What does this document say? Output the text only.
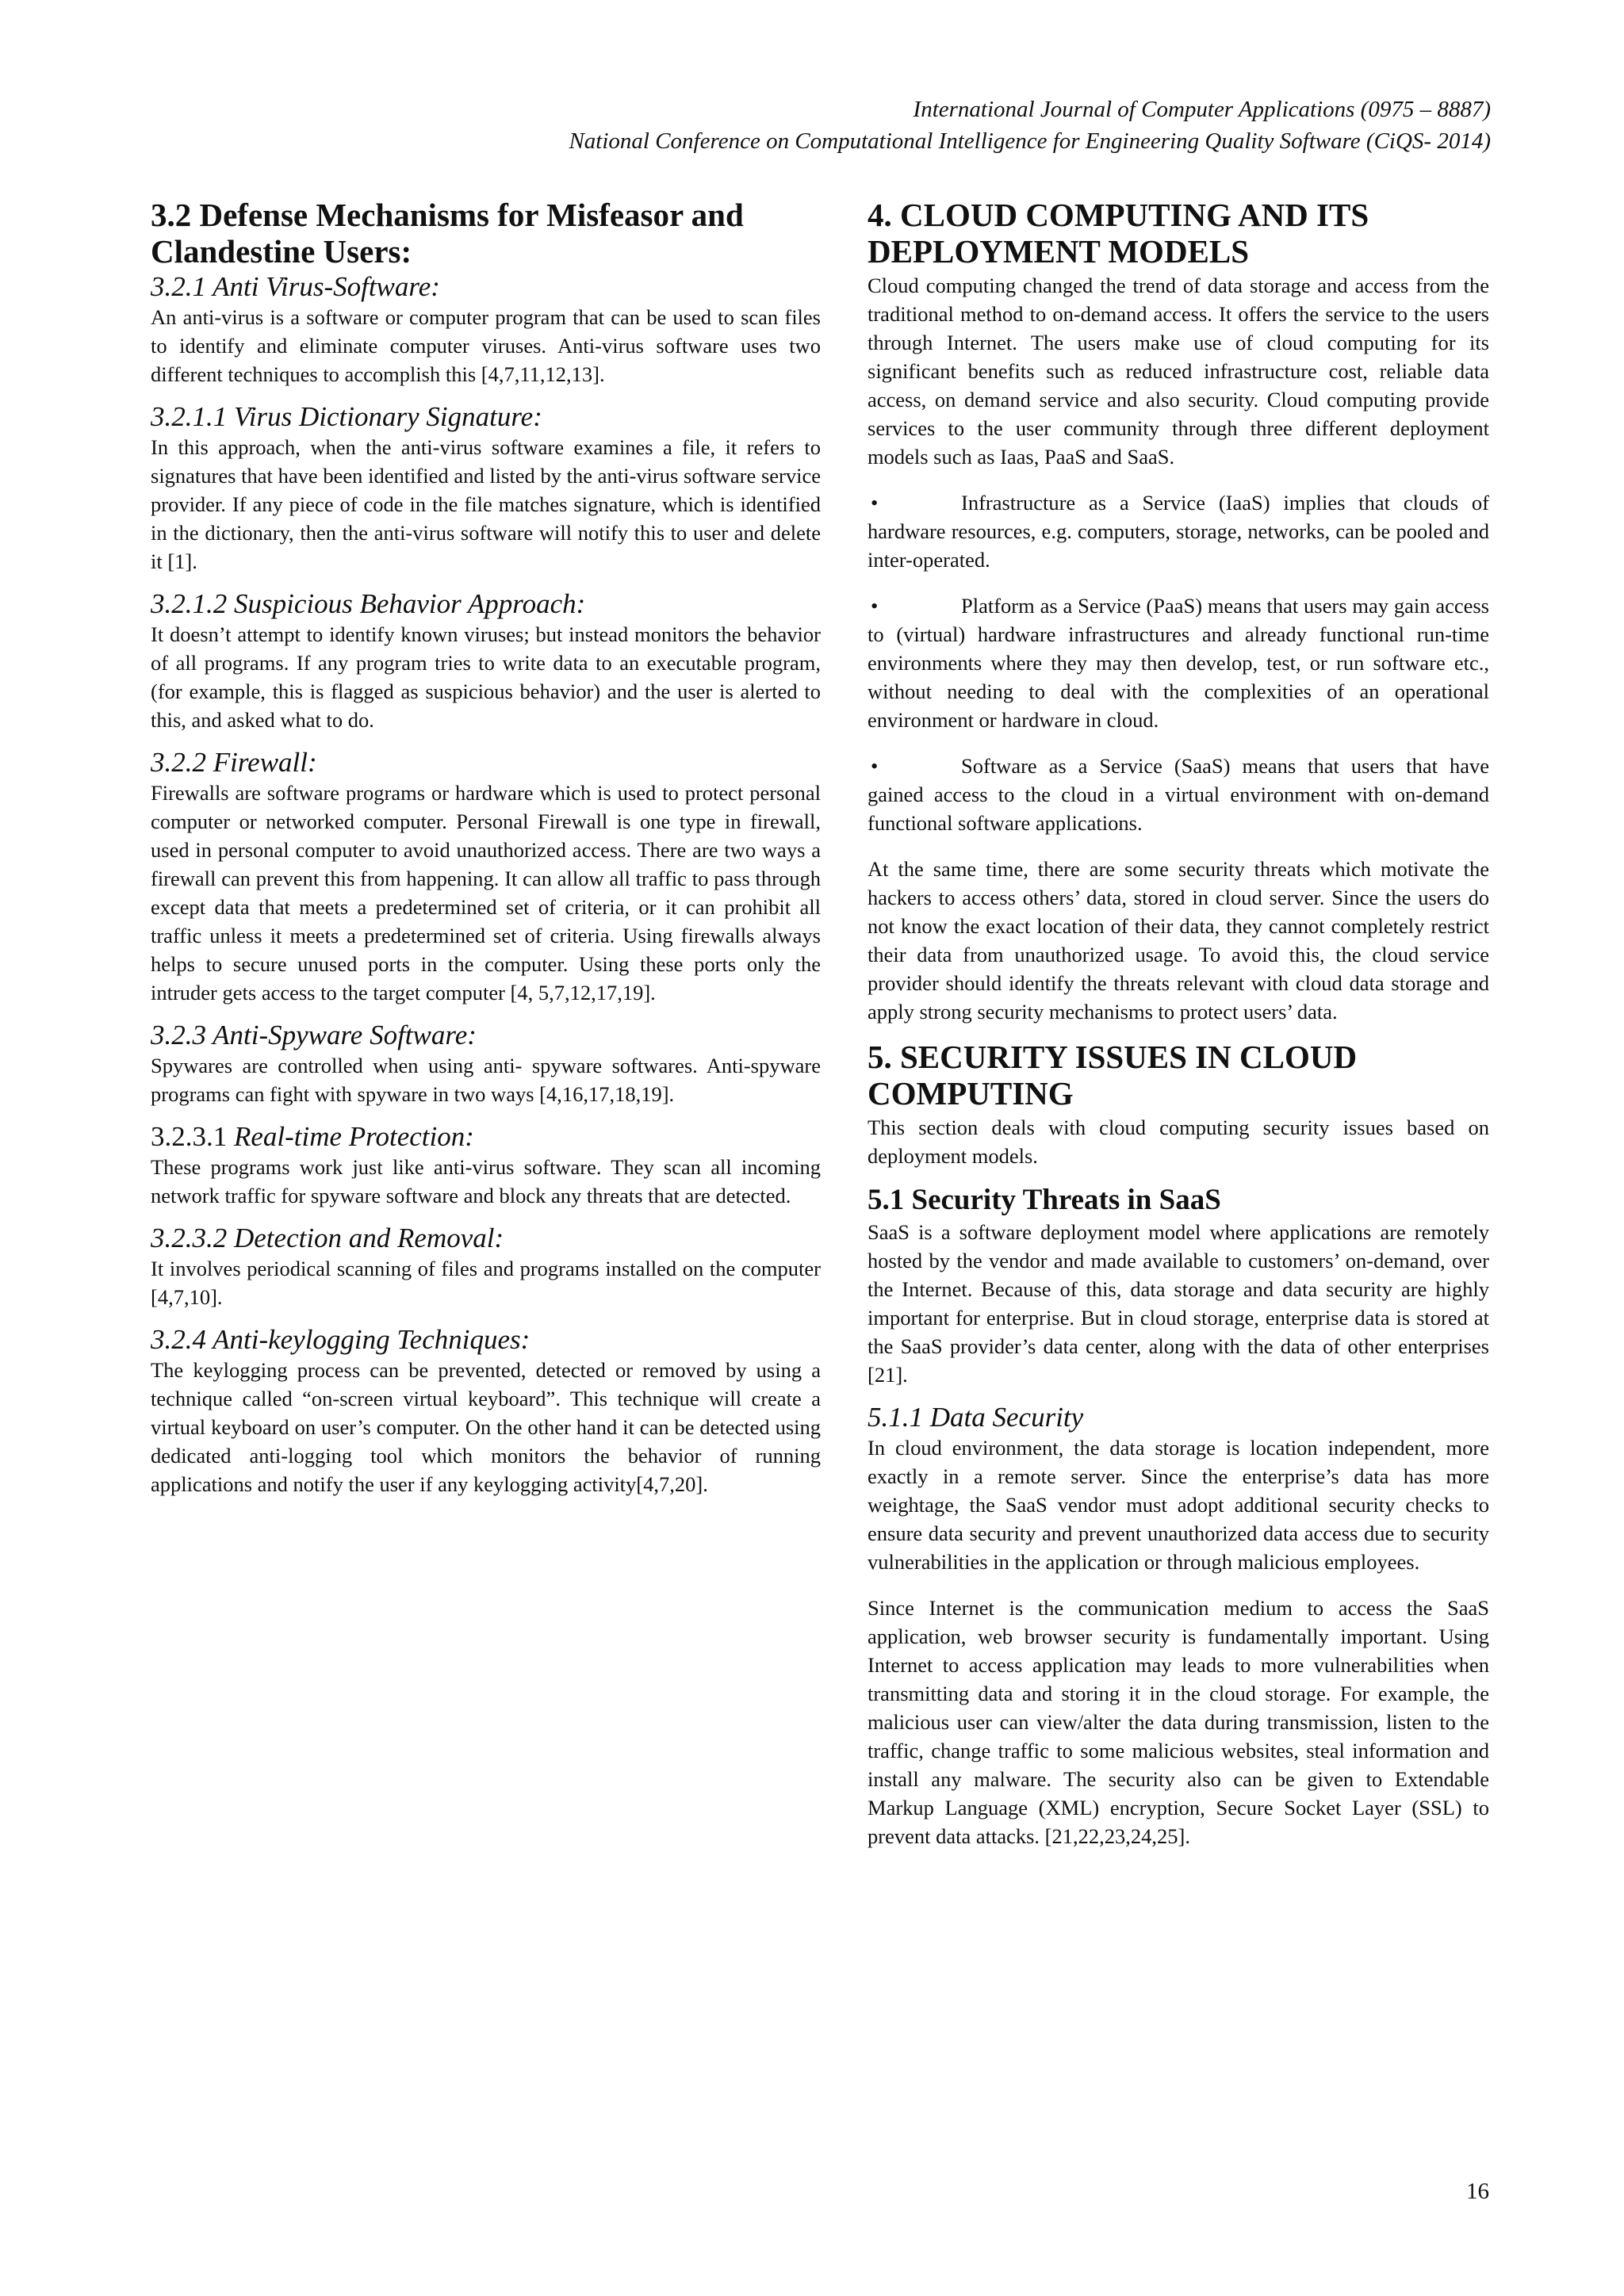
International Journal of Computer Applications (0975 – 8887)
National Conference on Computational Intelligence for Engineering Quality Software (CiQS- 2014)

3.2 Defense Mechanisms for Misfeasor and Clandestine Users:

3.2.1 Anti Virus-Software:

An anti-virus is a software or computer program that can be used to scan files to identify and eliminate computer viruses. Anti-virus software uses two different techniques to accomplish this [4,7,11,12,13].

3.2.1.1 Virus Dictionary Signature:

In this approach, when the anti-virus software examines a file, it refers to signatures that have been identified and listed by the anti-virus software service provider. If any piece of code in the file matches signature, which is identified in the dictionary, then the anti-virus software will notify this to user and delete it [1].

3.2.1.2 Suspicious Behavior Approach:

It doesn’t attempt to identify known viruses; but instead monitors the behavior of all programs. If any program tries to write data to an executable program, (for example, this is flagged as suspicious behavior) and the user is alerted to this, and asked what to do.

3.2.2 Firewall:

Firewalls are software programs or hardware which is used to protect personal computer or networked computer. Personal Firewall is one type in firewall, used in personal computer to avoid unauthorized access. There are two ways a firewall can prevent this from happening. It can allow all traffic to pass through except data that meets a predetermined set of criteria, or it can prohibit all traffic unless it meets a predetermined set of criteria. Using firewalls always helps to secure unused ports in the computer. Using these ports only the intruder gets access to the target computer [4, 5,7,12,17,19].

3.2.3 Anti-Spyware Software:

Spywares are controlled when using anti- spyware softwares. Anti-spyware programs can fight with spyware in two ways [4,16,17,18,19].

3.2.3.1 Real-time Protection:

These programs work just like anti-virus software. They scan all incoming network traffic for spyware software and block any threats that are detected.

3.2.3.2 Detection and Removal:

It involves periodical scanning of files and programs installed on the computer [4,7,10].

3.2.4 Anti-keylogging Techniques:

The keylogging process can be prevented, detected or removed by using a technique called “on-screen virtual keyboard”. This technique will create a virtual keyboard on user’s computer. On the other hand it can be detected using dedicated anti-logging tool which monitors the behavior of running applications and notify the user if any keylogging activity[4,7,20].

4. CLOUD COMPUTING AND ITS DEPLOYMENT MODELS

Cloud computing changed the trend of data storage and access from the traditional method to on-demand access. It offers the service to the users through Internet. The users make use of cloud computing for its significant benefits such as reduced infrastructure cost, reliable data access, on demand service and also security. Cloud computing provide services to the user community through three different deployment models such as Iaas, PaaS and SaaS.

•	Infrastructure as a Service (IaaS) implies that clouds of hardware resources, e.g. computers, storage, networks, can be pooled and inter-operated.
•	Platform as a Service (PaaS) means that users may gain access to (virtual) hardware infrastructures and already functional run-time environments where they may then develop, test, or run software etc., without needing to deal with the complexities of an operational environment or hardware in cloud.
•	Software as a Service (SaaS) means that users that have gained access to the cloud in a virtual environment with on-demand functional software applications.

At the same time, there are some security threats which motivate the hackers to access others’ data, stored in cloud server. Since the users do not know the exact location of their data, they cannot completely restrict their data from unauthorized usage. To avoid this, the cloud service provider should identify the threats relevant with cloud data storage and apply strong security mechanisms to protect users’ data.

5. SECURITY ISSUES IN CLOUD COMPUTING

This section deals with cloud computing security issues based on deployment models.

5.1 Security Threats in SaaS

SaaS is a software deployment model where applications are remotely hosted by the vendor and made available to customers’ on-demand, over the Internet. Because of this, data storage and data security are highly important for enterprise. But in cloud storage, enterprise data is stored at the SaaS provider’s data center, along with the data of other enterprises [21].

5.1.1 Data Security

In cloud environment, the data storage is location independent, more exactly in a remote server. Since the enterprise’s data has more weightage, the SaaS vendor must adopt additional security checks to ensure data security and prevent unauthorized data access due to security vulnerabilities in the application or through malicious employees.

Since Internet is the communication medium to access the SaaS application, web browser security is fundamentally important. Using Internet to access application may leads to more vulnerabilities when transmitting data and storing it in the cloud storage. For example, the malicious user can view/alter the data during transmission, listen to the traffic, change traffic to some malicious websites, steal information and install any malware. The security also can be given to Extendable Markup Language (XML) encryption, Secure Socket Layer (SSL) to prevent data attacks. [21,22,23,24,25].

16
